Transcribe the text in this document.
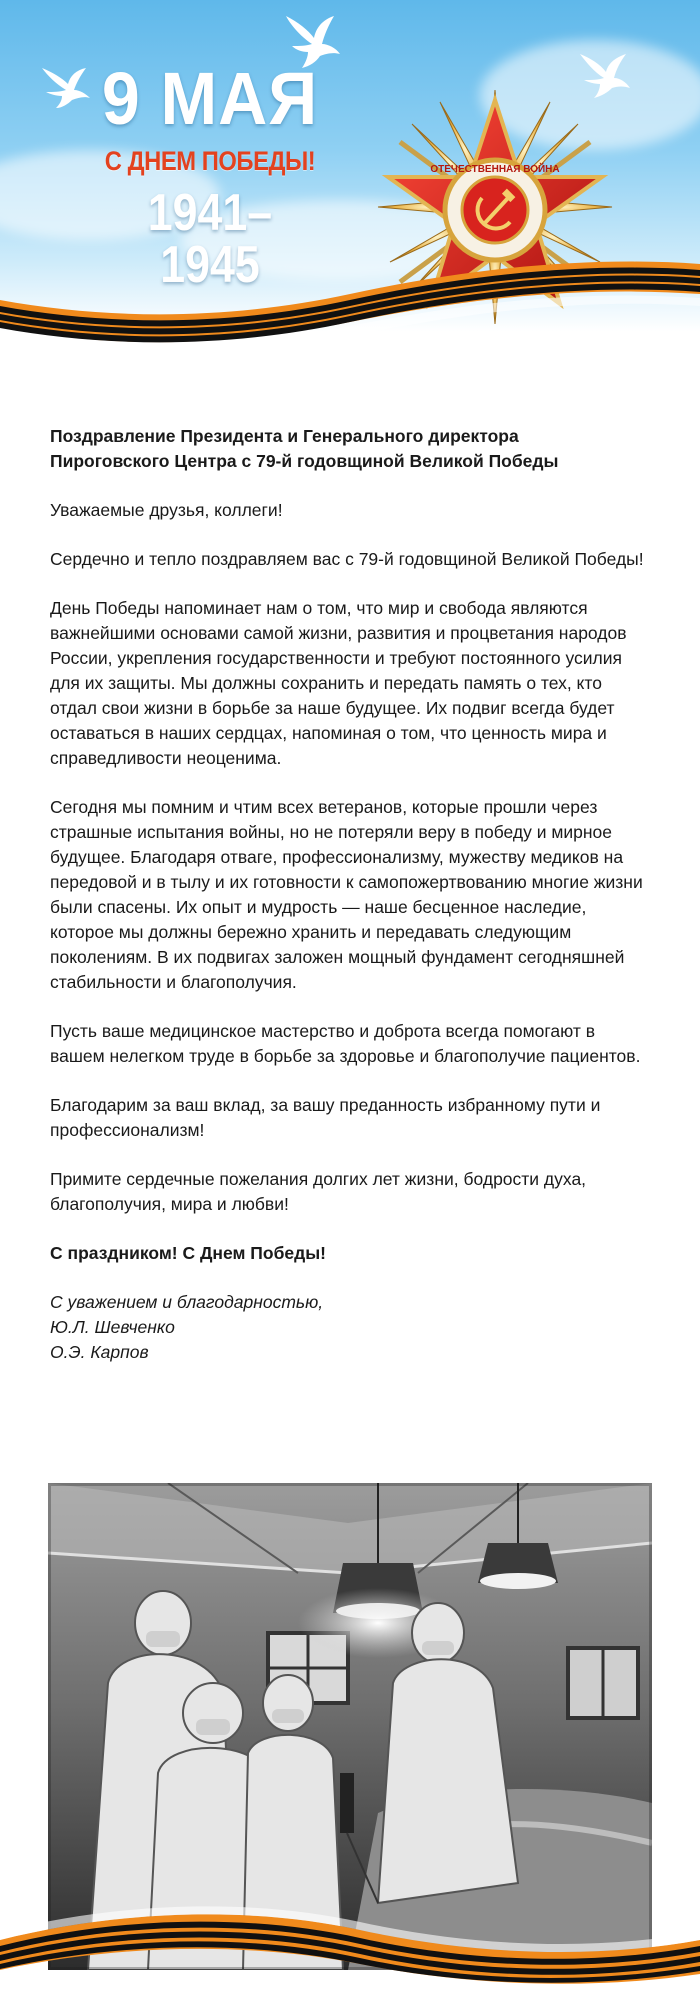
9 МАЯ
С ДНЕМ ПОБЕДЫ!
1941–1945
ОТЕЧЕСТВЕННАЯ ВОЙНА

Поздравление Президента и Генерального директора
Пироговского Центра с 79-й годовщиной Великой Победы

Уважаемые друзья, коллеги!

Сердечно и тепло поздравляем вас с 79-й годовщиной Великой Победы!

День Победы напоминает нам о том, что мир и свобода являются важнейшими основами самой жизни, развития и процветания народов России, укрепления государственности и требуют постоянного усилия для их защиты. Мы должны сохранить и передать память о тех, кто отдал свои жизни в борьбе за наше будущее. Их подвиг всегда будет оставаться в наших сердцах, напоминая о том, что ценность мира и справедливости неоценима.

Сегодня мы помним и чтим всех ветеранов, которые прошли через страшные испытания войны, но не потеряли веру в победу и мирное будущее. Благодаря отваге, профессионализму, мужеству медиков на передовой и в тылу и их готовности к самопожертвованию многие жизни были спасены. Их опыт и мудрость — наше бесценное наследие, которое мы должны бережно хранить и передавать следующим поколениям. В их подвигах заложен мощный фундамент сегодняшней стабильности и благополучия.

Пусть ваше медицинское мастерство и доброта всегда помогают в вашем нелегком труде в борьбе за здоровье и благополучие пациентов.

Благодарим за ваш вклад, за вашу преданность избранному пути и профессионализм!

Примите сердечные пожелания долгих лет жизни, бодрости духа, благополучия, мира и любви!

С праздником! С Днем Победы!

С уважением и благодарностью,
Ю.Л. Шевченко
О.Э. Карпов
